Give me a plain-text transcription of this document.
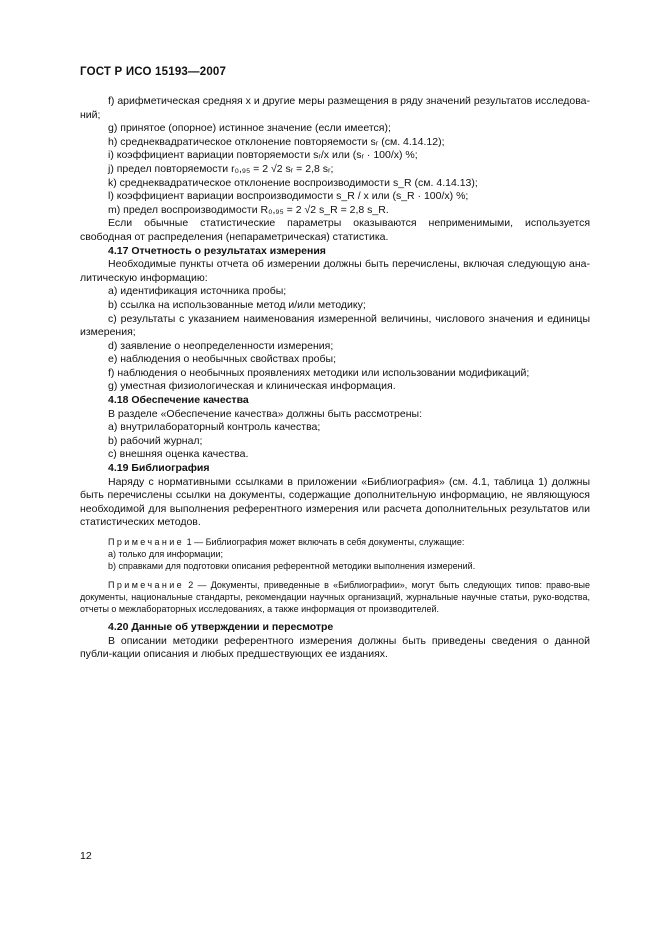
ГОСТ Р ИСО 15193—2007

f) арифметическая средняя x и другие меры размещения в ряду значений результатов исследова-ний;

g) принятое (опорное) истинное значение (если имеется);

h) среднеквадратическое отклонение повторяемости sᵣ (см. 4.14.12);

i) коэффициент вариации повторяемости sᵣ/x или (sᵣ · 100/x) %;

j) предел повторяемости r₀,₉₅ = 2 √2 sᵣ = 2,8 sᵣ;

k) среднеквадратическое отклонение воспроизводимости s_R (см. 4.14.13);

l) коэффициент вариации воспроизводимости s_R / x или (s_R · 100/x) %;

m) предел воспроизводимости R₀,₉₅ = 2 √2 s_R = 2,8 s_R.

Если обычные статистические параметры оказываются неприменимыми, используется свободная от распределения (непараметрическая) статистика.

4.17 Отчетность о результатах измерения

Необходимые пункты отчета об измерении должны быть перечислены, включая следующую ана-литическую информацию:

a) идентификация источника пробы;

b) ссылка на использованные метод и/или методику;

c) результаты с указанием наименования измеренной величины, числового значения и единицы измерения;

d) заявление о неопределенности измерения;

e) наблюдения о необычных свойствах пробы;

f) наблюдения о необычных проявлениях методики или использовании модификаций;

g) уместная физиологическая и клиническая информация.

4.18 Обеспечение качества

В разделе «Обеспечение качества» должны быть рассмотрены:

a) внутрилабораторный контроль качества;

b) рабочий журнал;

c) внешняя оценка качества.

4.19 Библиография

Наряду с нормативными ссылками в приложении «Библиография» (см. 4.1, таблица 1) должны быть перечислены ссылки на документы, содержащие дополнительную информацию, не являющуюся необходимой для выполнения референтного измерения или расчета дополнительных результатов или статистических методов.

Примечание 1 — Библиография может включать в себя документы, служащие:

a) только для информации;

b) справками для подготовки описания референтной методики выполнения измерений.

Примечание 2 — Документы, приведенные в «Библиографии», могут быть следующих типов: право-вые документы, национальные стандарты, рекомендации научных организаций, журнальные научные статьи, руко-водства, отчеты о межлабораторных исследованиях, а также информация от производителей.

4.20 Данные об утверждении и пересмотре

В описании методики референтного измерения должны быть приведены сведения о данной публи-кации описания и любых предшествующих ее изданиях.

12
